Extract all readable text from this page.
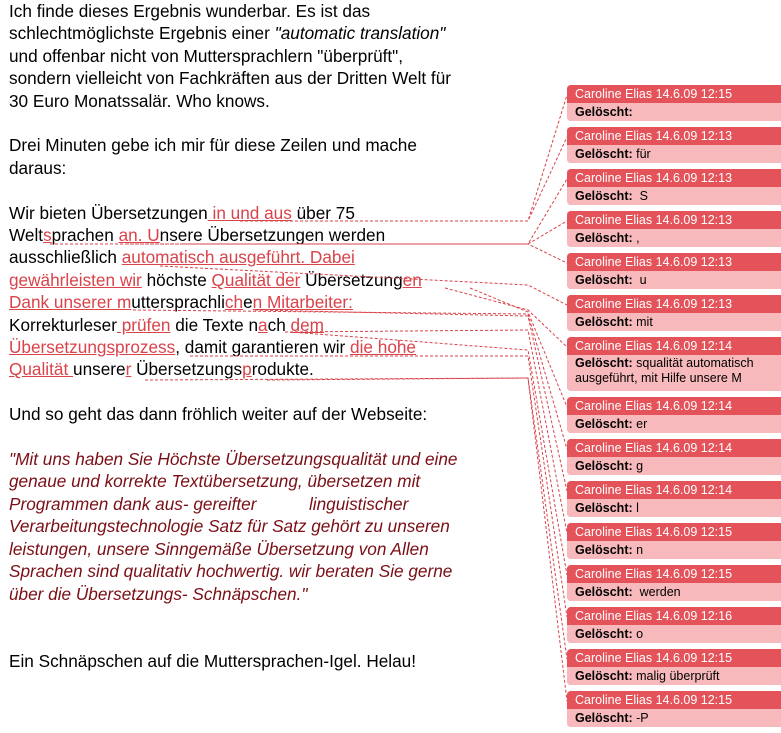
Ich finde dieses Ergebnis wunderbar. Es ist das

schlechtmöglichste Ergebnis einer "automatic translation"

und offenbar nicht von Muttersprachlern "überprüft",

sondern vielleicht von Fachkräften aus der Dritten Welt für

30 Euro Monatssalär. Who knows.

Drei Minuten gebe ich mir für diese Zeilen und mache

daraus:

Wir bieten Übersetzungen in und aus über 75

Weltsprachen an. Unsere Übersetzungen werden

ausschließlich automatisch ausgeführt. Dabei

gewährleisten wir höchste Qualität der Übersetzungen

Dank unserer muttersprachlichen Mitarbeiter:

Korrekturleser prüfen die Texte nach dem

Übersetzungsprozess, damit garantieren wir die hohe

Qualität unserer Übersetzungsprodukte.

Und so geht das dann fröhlich weiter auf der Webseite:

"Mit uns haben Sie Höchste Übersetzungsqualität und eine

genaue und korrekte Textübersetzung, übersetzen mit

Programmen dank aus- gereifter           linguistischer

Verarbeitungstechnologie Satz für Satz gehört zu unseren

leistungen, unsere Sinngemäße Übersetzung von Allen

Sprachen sind qualitativ hochwertig. wir beraten Sie gerne

über die Übersetzungs- Schnäpschen."

Ein Schnäpschen auf die Muttersprachen-Igel. Helau!

Caroline Elias 14.6.09 12:15
Gelöscht:
Caroline Elias 14.6.09 12:13
Gelöscht: für
Caroline Elias 14.6.09 12:13
Gelöscht:  S
Caroline Elias 14.6.09 12:13
Gelöscht: ,
Caroline Elias 14.6.09 12:13
Gelöscht:  u
Caroline Elias 14.6.09 12:13
Gelöscht: mit
Caroline Elias 14.6.09 12:14
Gelöscht: squalität automatisch ausgeführt, mit Hilfe unsere M
Caroline Elias 14.6.09 12:14
Gelöscht: er
Caroline Elias 14.6.09 12:14
Gelöscht: g
Caroline Elias 14.6.09 12:14
Gelöscht: l
Caroline Elias 14.6.09 12:15
Gelöscht: n
Caroline Elias 14.6.09 12:15
Gelöscht:  werden
Caroline Elias 14.6.09 12:16
Gelöscht: o
Caroline Elias 14.6.09 12:15
Gelöscht: malig überprüft
Caroline Elias 14.6.09 12:15
Gelöscht: -P
